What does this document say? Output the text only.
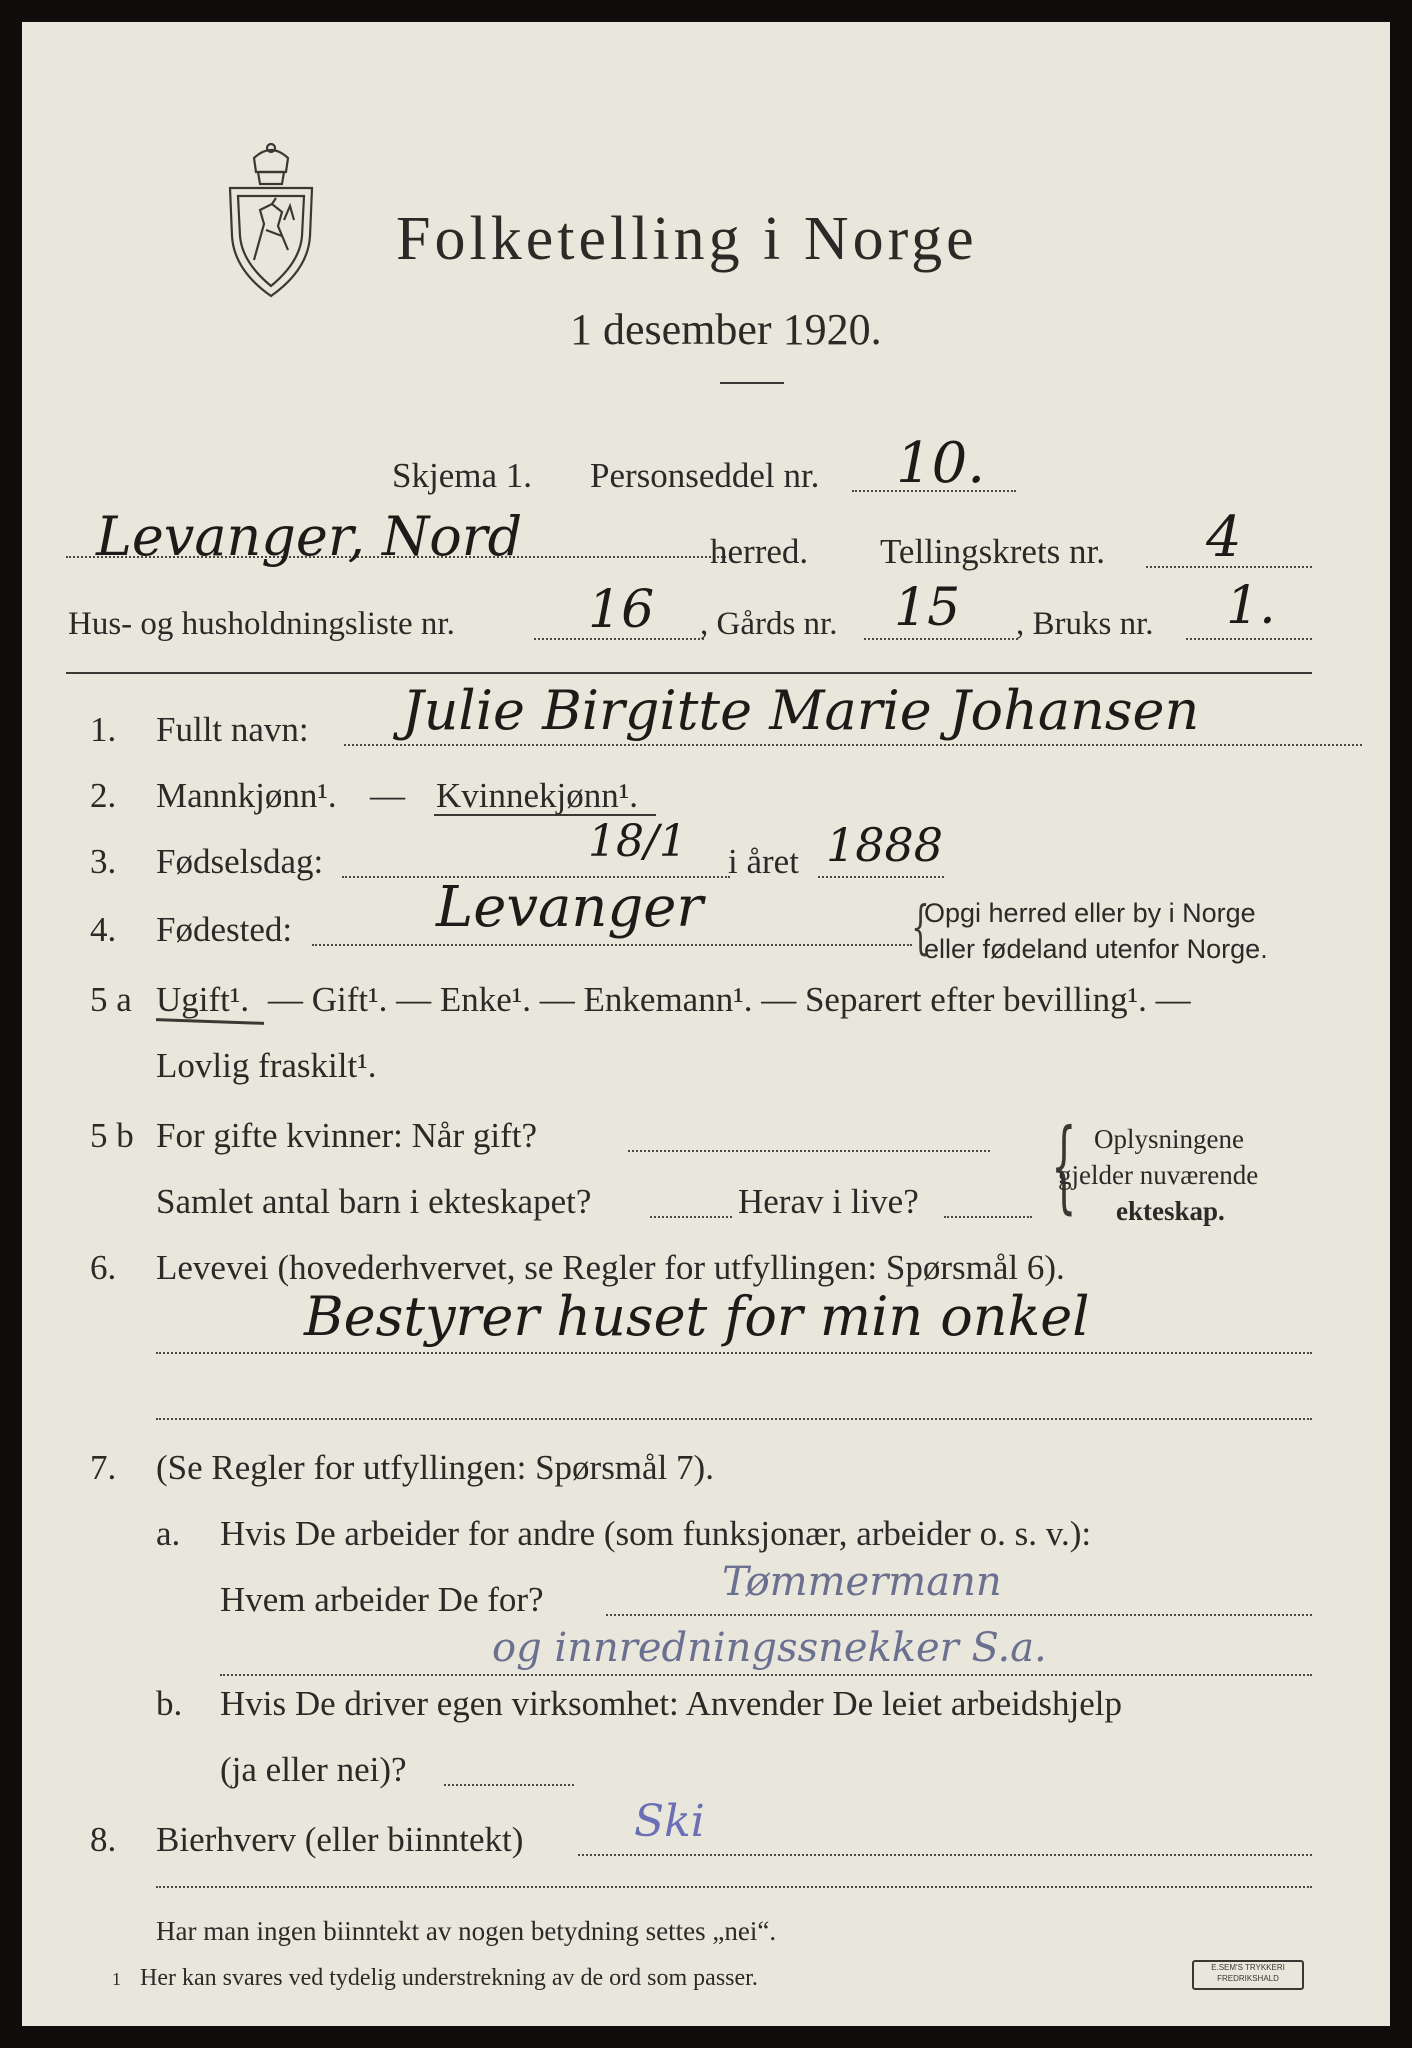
Folketelling i Norge
1 desember 1920.
Skjema 1. Personseddel nr. 10.
Levanger, Nord	herred. Tellingskrets nr. 4
Hus- og husholdningsliste nr.	16 , Gårds nr. 15 , Bruks nr. 1.
1. Fullt navn: Julie Birgitte Marie Johansen
2. Mannkjønn¹. — Kvinnekjønn¹.
3. Fødselsdag:	18/1 i året 1888
4. Fødested:	Levanger	{
Opgi herred eller by i Norge
eller fødeland utenfor Norge.
5 a Ugift¹. — Gift¹. — Enke¹. — Enkemann¹. — Separert efter bevilling¹. —
Lovlig fraskilt¹.
5 b For gifte kvinner: Når gift?
Samlet antal barn i ekteskapet?	Herav i live? { Oplysningene
gjelder nuværende
ekteskap.
6. Levevei (hovederhvervet, se Regler for utfyllingen: Spørsmål 6).
Bestyrer huset for min onkel
7. (Se Regler for utfyllingen: Spørsmål 7).
a. Hvis De arbeider for andre (som funksjonær, arbeider o. s. v.):
Hvem arbeider De for?	Tømmermann
og innredningssnekker S.a.
b. Hvis De driver egen virksomhet: Anvender De leiet arbeidshjelp
(ja eller nei)?
8. Bierhverv (eller biinntekt)	Ski
Har man ingen biinntekt av nogen betydning settes „nei“.
1 Her kan svares ved tydelig understrekning av de ord som passer.	E.SEM'S TRYKKERI
FREDRIKSHALD
